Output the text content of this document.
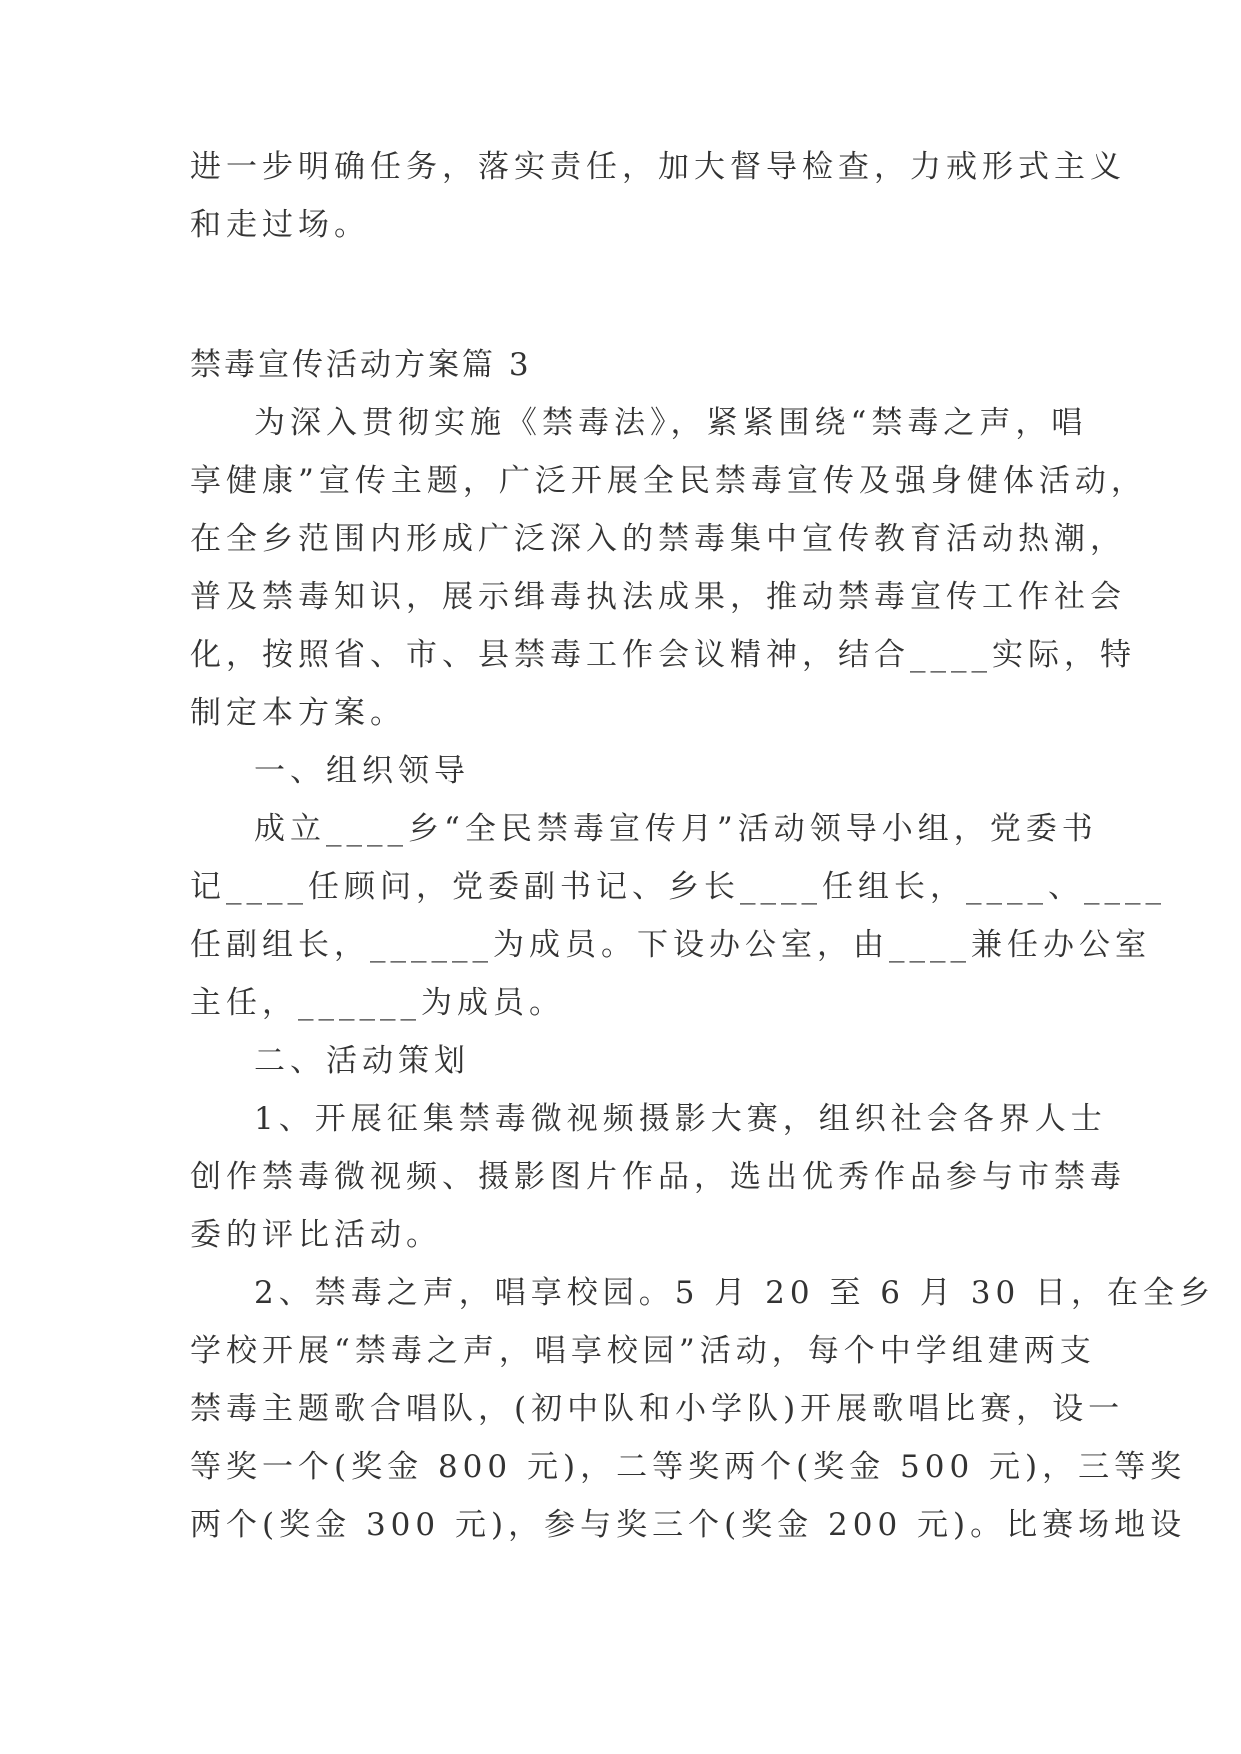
进一步明确任务，落实责任，加大督导检查，力戒形式主义
和走过场。
禁毒宣传活动方案篇 3
为深入贯彻实施《禁毒法》，紧紧围绕“禁毒之声，唱
享健康”宣传主题，广泛开展全民禁毒宣传及强身健体活动，
在全乡范围内形成广泛深入的禁毒集中宣传教育活动热潮，
普及禁毒知识，展示缉毒执法成果，推动禁毒宣传工作社会
化，按照省、市、县禁毒工作会议精神，结合____实际，特
制定本方案。
一、组织领导
成立____乡“全民禁毒宣传月”活动领导小组，党委书
记____任顾问，党委副书记、乡长____任组长，____、____
任副组长，______为成员。下设办公室，由____兼任办公室
主任，______为成员。
二、活动策划
1、开展征集禁毒微视频摄影大赛，组织社会各界人士
创作禁毒微视频、摄影图片作品，选出优秀作品参与市禁毒
委的评比活动。
2、禁毒之声，唱享校园。5 月 20 至 6 月 30 日，在全乡
学校开展“禁毒之声，唱享校园”活动，每个中学组建两支
禁毒主题歌合唱队，(初中队和小学队)开展歌唱比赛，设一
等奖一个(奖金 800 元)，二等奖两个(奖金 500 元)，三等奖
两个(奖金 300 元)，参与奖三个(奖金 200 元)。比赛场地设
